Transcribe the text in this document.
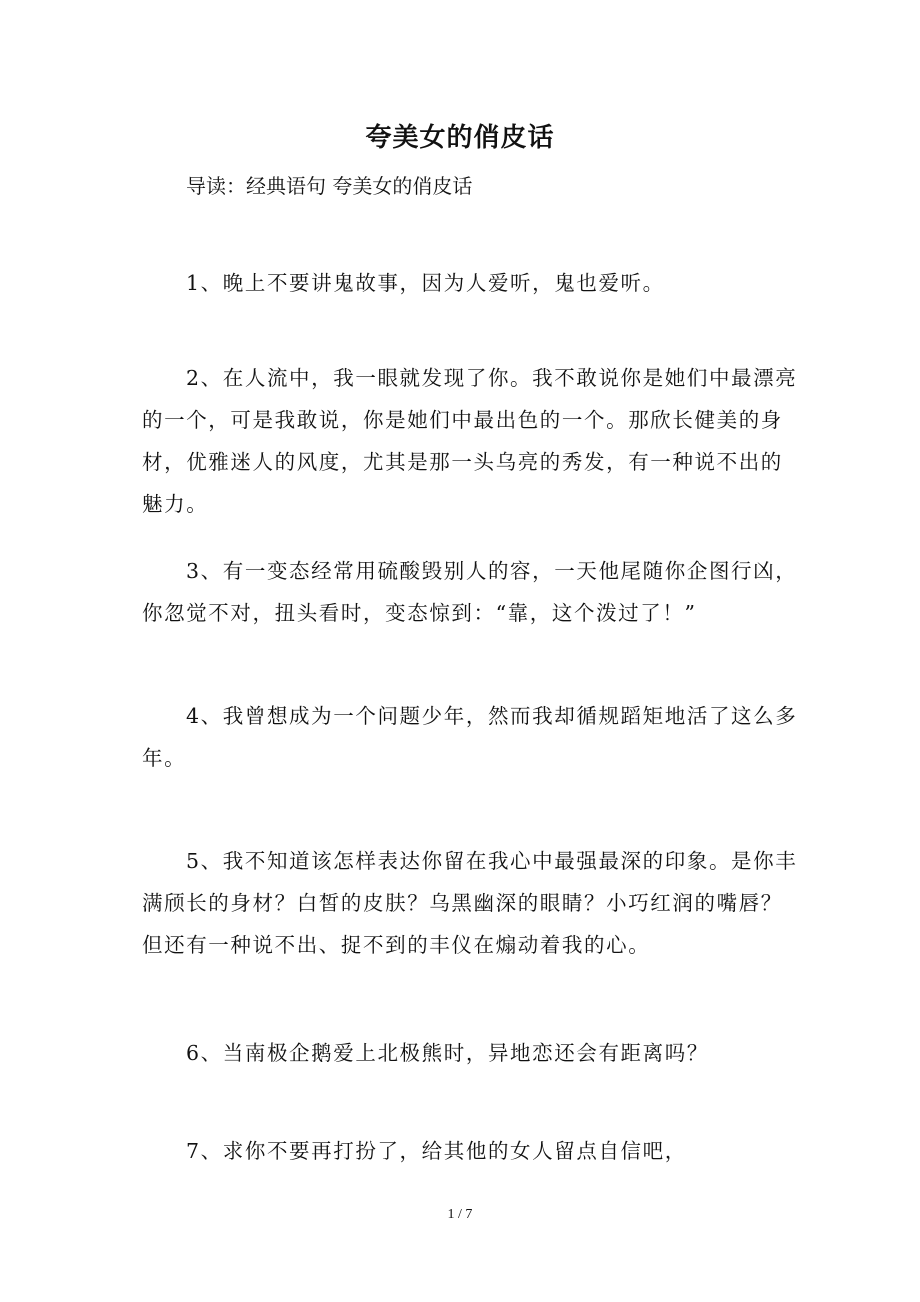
夸美女的俏皮话
导读：经典语句 夸美女的俏皮话
1、晚上不要讲鬼故事，因为人爱听，鬼也爱听。
2、在人流中，我一眼就发现了你。我不敢说你是她们中最漂亮的一个，可是我敢说，你是她们中最出色的一个。那欣长健美的身材，优雅迷人的风度，尤其是那一头乌亮的秀发，有一种说不出的魅力。
3、有一变态经常用硫酸毁别人的容，一天他尾随你企图行凶，你忽觉不对，扭头看时，变态惊到：“靠，这个泼过了！”
4、我曾想成为一个问题少年，然而我却循规蹈矩地活了这么多年。
5、我不知道该怎样表达你留在我心中最强最深的印象。是你丰满颀长的身材？白皙的皮肤？乌黑幽深的眼睛？小巧红润的嘴唇？但还有一种说不出、捉不到的丰仪在煽动着我的心。
6、当南极企鹅爱上北极熊时，异地恋还会有距离吗？
7、求你不要再打扮了，给其他的女人留点自信吧，
1 / 7
